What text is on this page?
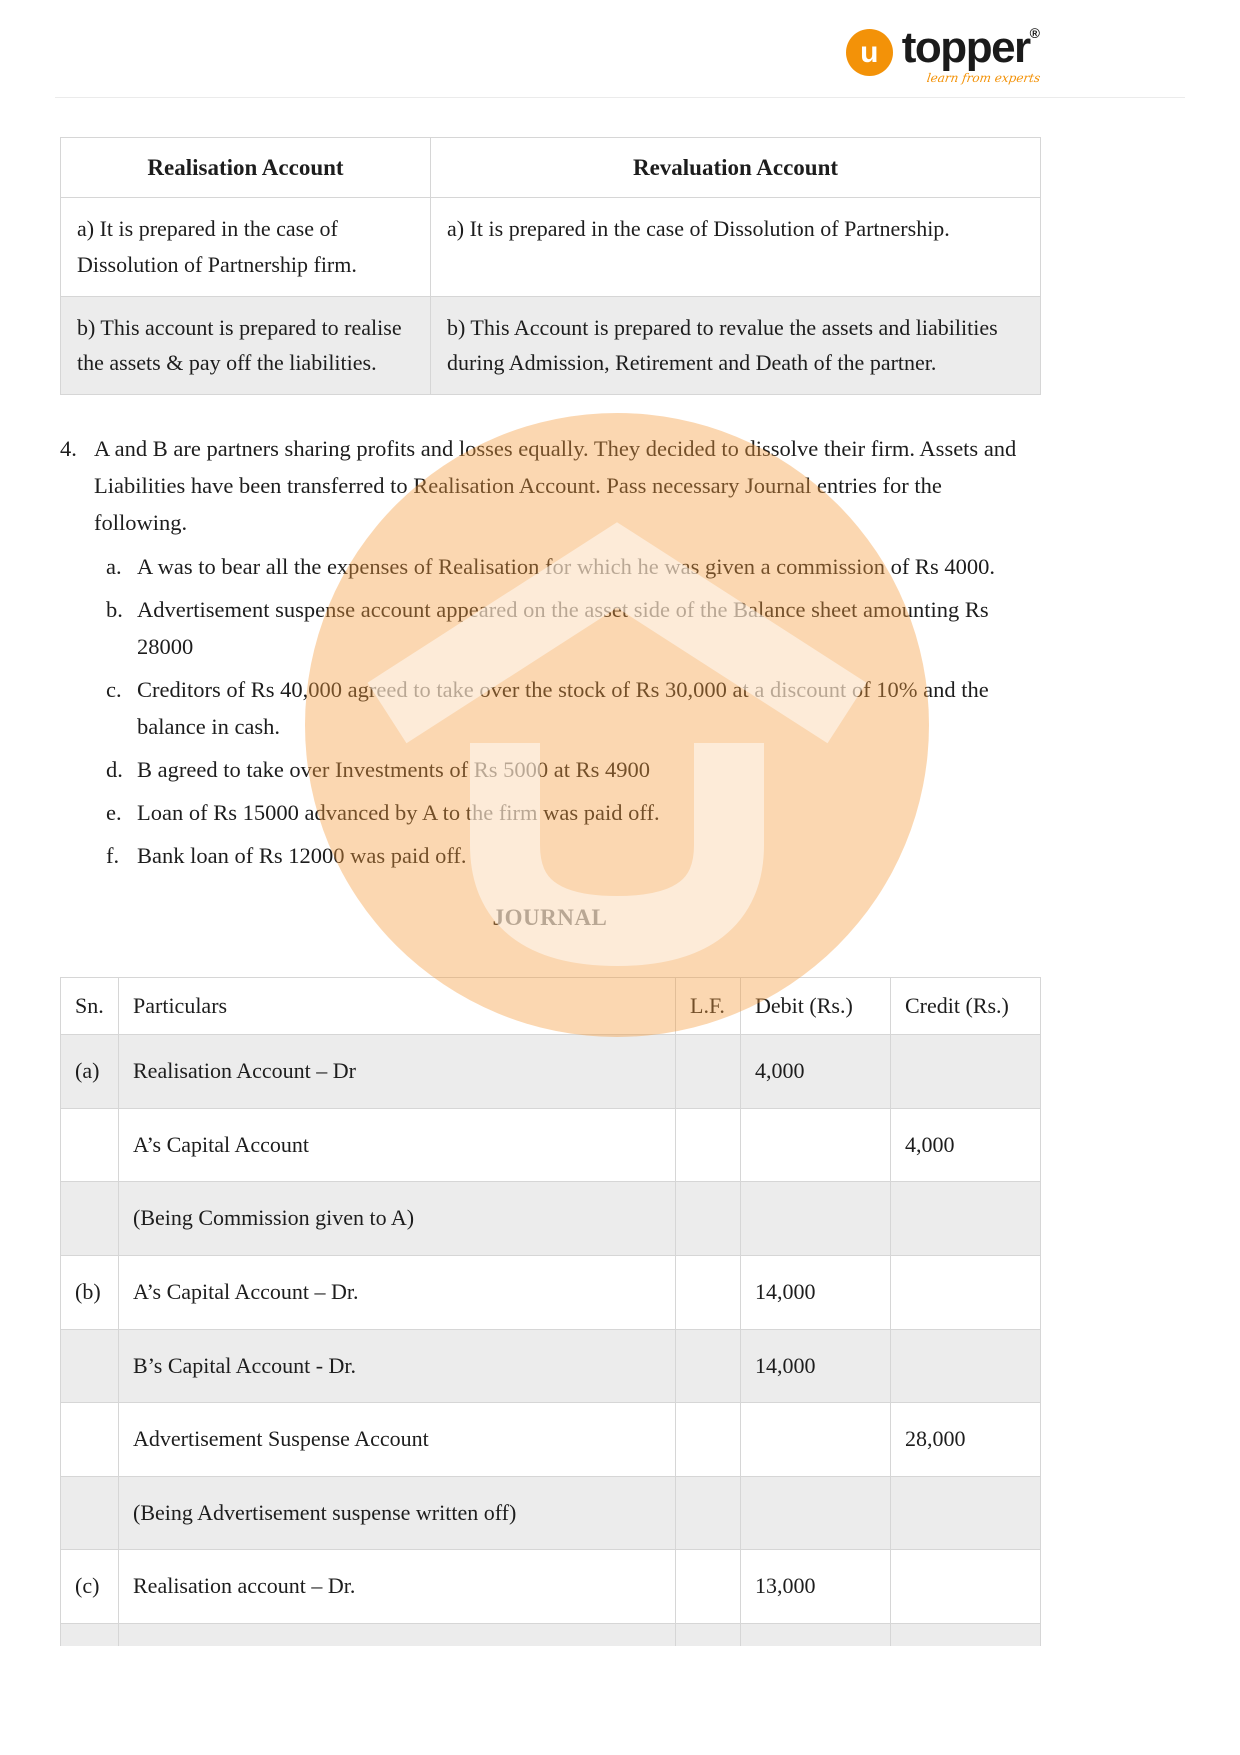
u topper®
learn from experts
Realisation Account	Revaluation Account
a) It is prepared in the case of Dissolution of Partnership firm.	a) It is prepared in the case of Dissolution of Partnership.
b) This account is prepared to realise the assets & pay off the liabilities.	b) This Account is prepared to revalue the assets and liabilities during Admission, Retirement and Death of the partner.
4. A and B are partners sharing profits and losses equally. They decided to dissolve their firm. Assets and Liabilities have been transferred to Realisation Account. Pass necessary Journal entries for the following.
a. A was to bear all the expenses of Realisation for which he was given a commission of Rs 4000.
b. Advertisement suspense account appeared on the asset side of the Balance sheet amounting Rs 28000
c. Creditors of Rs 40,000 agreed to take over the stock of Rs 30,000 at a discount of 10% and the balance in cash.
d. B agreed to take over Investments of Rs 5000 at Rs 4900
e. Loan of Rs 15000 advanced by A to the firm was paid off.
f. Bank loan of Rs 12000 was paid off.
JOURNAL
Sn.	Particulars	L.F.	Debit (Rs.)	Credit (Rs.)
(a)	Realisation Account – Dr		4,000	
	A’s Capital Account			4,000
	(Being Commission given to A)			
(b)	A’s Capital Account – Dr.		14,000	
	B’s Capital Account - Dr.		14,000	
	Advertisement Suspense Account			28,000
	(Being Advertisement suspense written off)			
(c)	Realisation account – Dr.		13,000	
